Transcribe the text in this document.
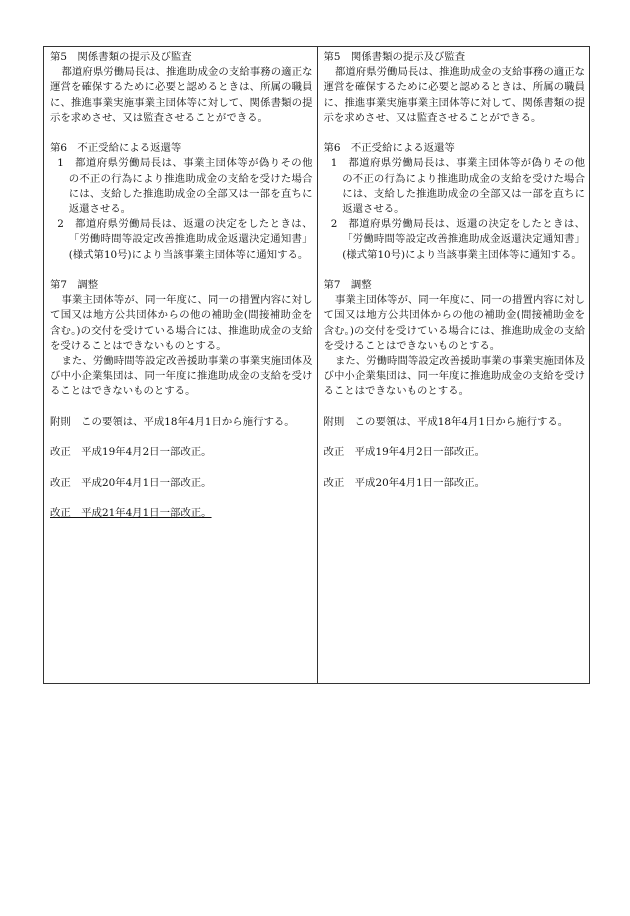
第5　関係書類の提示及び監査

都道府県労働局長は、推進助成金の支給事務の適正な運営を確保するために必要と認めるときは、所属の職員に、推進事業実施事業主団体等に対して、関係書類の提示を求めさせ、又は監査させることができる。

第6　不正受給による返還等

1　都道府県労働局長は、事業主団体等が偽りその他の不正の行為により推進助成金の支給を受けた場合には、支給した推進助成金の全部又は一部を直ちに返還させる。

2　都道府県労働局長は、返還の決定をしたときは、「労働時間等設定改善推進助成金返還決定通知書」(様式第10号)により当該事業主団体等に通知する。

第7　調整

事業主団体等が、同一年度に、同一の措置内容に対して国又は地方公共団体からの他の補助金(間接補助金を含む。)の交付を受けている場合には、推進助成金の支給を受けることはできないものとする。

また、労働時間等設定改善援助事業の事業実施団体及び中小企業集団は、同一年度に推進助成金の支給を受けることはできないものとする。

附則　この要領は、平成18年4月1日から施行する。

改正　平成19年4月2日一部改正。

改正　平成20年4月1日一部改正。

改正　平成21年4月1日一部改正。

第5　関係書類の提示及び監査

都道府県労働局長は、推進助成金の支給事務の適正な運営を確保するために必要と認めるときは、所属の職員に、推進事業実施事業主団体等に対して、関係書類の提示を求めさせ、又は監査させることができる。

第6　不正受給による返還等

1　都道府県労働局長は、事業主団体等が偽りその他の不正の行為により推進助成金の支給を受けた場合には、支給した推進助成金の全部又は一部を直ちに返還させる。

2　都道府県労働局長は、返還の決定をしたときは、「労働時間等設定改善推進助成金返還決定通知書」(様式第10号)により当該事業主団体等に通知する。

第7　調整

事業主団体等が、同一年度に、同一の措置内容に対して国又は地方公共団体からの他の補助金(間接補助金を含む。)の交付を受けている場合には、推進助成金の支給を受けることはできないものとする。

また、労働時間等設定改善援助事業の事業実施団体及び中小企業集団は、同一年度に推進助成金の支給を受けることはできないものとする。

附則　この要領は、平成18年4月1日から施行する。

改正　平成19年4月2日一部改正。

改正　平成20年4月1日一部改正。
